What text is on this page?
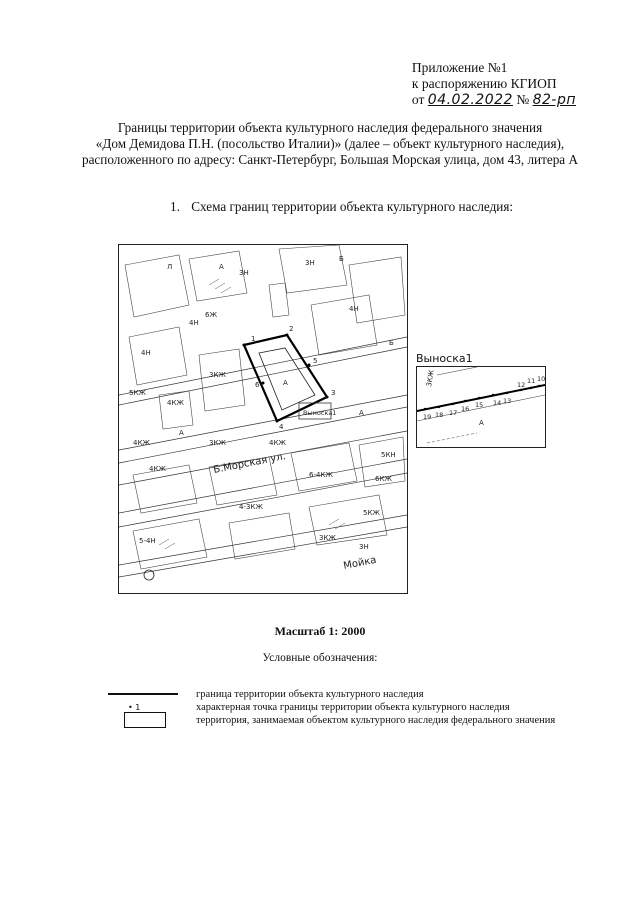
Приложение №1
к распоряжению КГИОП
от 04.02.2022 № 82-рп
Границы территории объекта культурного наследия федерального значения
«Дом Демидова П.Н. (посольство Италии)» (далее – объект культурного наследия),
расположенного по адресу: Санкт-Петербург, Большая Морская улица, дом 43, литера А
1. Схема границ территории объекта культурного наследия:
1
2
3
4
5
6
Выноска1
Б.Морская ул.
Мойка
3Н
3Н
4Н
3КЖ
4КЖ
4КЖ
5КЖ
4Н
3КЖ	4КЖ
4КЖ
6-4КЖ
4-3КЖ
5КЖ
3КЖ
6КЖ
5-4Н
4Н
А
А
А
А
Б
Б
Л
6Ж
3Н
5КН
Выноска1
10
11
12
13
14
15
16
17
18
19
3КЖ
А
Масштаб 1: 2000
Условные обозначения:
граница территории объекта культурного наследия
• 1	характерная точка границы территории объекта культурного наследия
территория, занимаемая объектом культурного наследия федерального значения
